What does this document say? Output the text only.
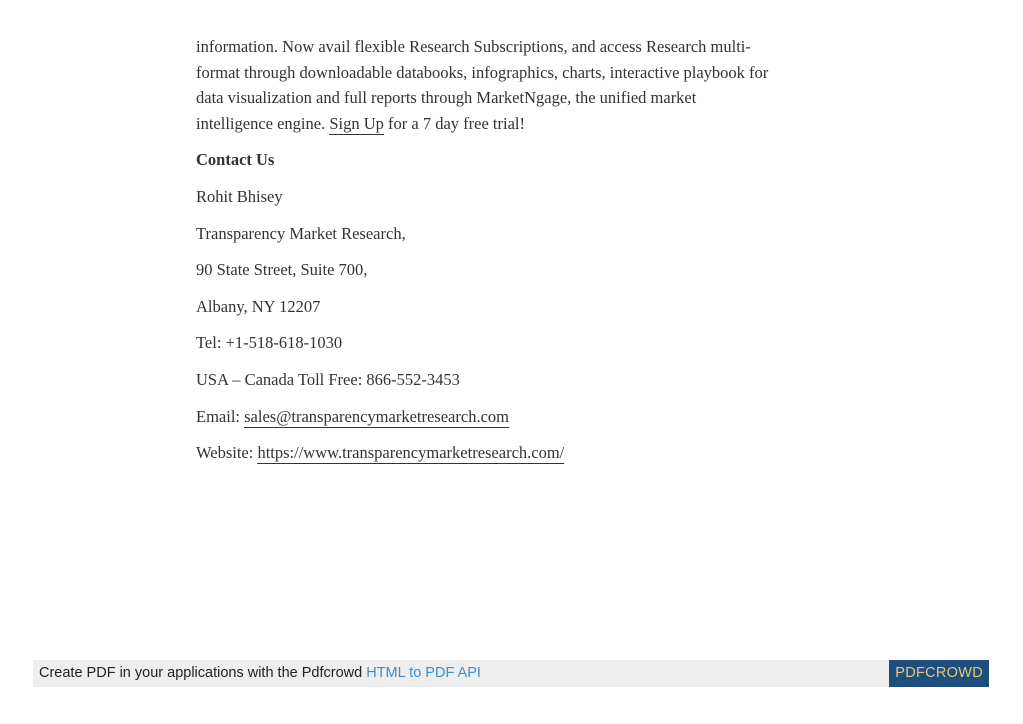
information. Now avail flexible Research Subscriptions, and access Research multi-
format through downloadable databooks, infographics, charts, interactive playbook for
data visualization and full reports through MarketNgage, the unified market
intelligence engine. Sign Up for a 7 day free trial!

Contact Us

Rohit Bhisey

Transparency Market Research,

90 State Street, Suite 700,

Albany, NY 12207

Tel: +1-518-618-1030

USA – Canada Toll Free: 866-552-3453

Email: sales@transparencymarketresearch.com

Website: https://www.transparencymarketresearch.com/

Create PDF in your applications with the Pdfcrowd HTML to PDF API	PDFCROWD
